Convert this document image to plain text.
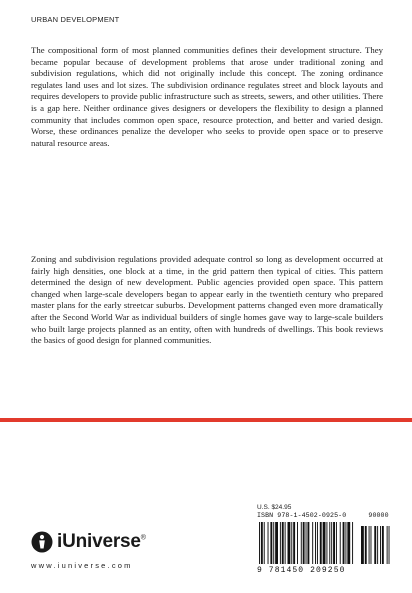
URBAN DEVELOPMENT

The compositional form of most planned communities defines their development structure. They became popular because of development problems that arose under traditional zoning and subdivision regulations, which did not originally include this concept. The zoning ordinance regulates land uses and lot sizes. The subdivision ordinance regulates street and block layouts and requires developers to provide public infrastructure such as streets, sewers, and other utilities. There is a gap here. Neither ordinance gives designers or developers the flexibility to design a planned community that includes common open space, resource protection, and better and varied design. Worse, these ordinances penalize the developer who seeks to provide open space or to preserve natural resource areas.

Zoning and subdivision regulations provided adequate control so long as development occurred at fairly high densities, one block at a time, in the grid pattern then typical of cities. This pattern determined the design of new development. Public agencies provided open space. This pattern changed when large-scale developers began to appear early in the twentieth century who prepared master plans for the early streetcar suburbs. Development patterns changed even more dramatically after the Second World War as individual builders of single homes gave way to large-scale builders who built large projects planned as an entity, often with hundreds of dwellings. This book reviews the basics of good design for planned communities.

U.S. $24.95
ISBN 978-1-4502-0925-0	90000
9 781450 209250
iUniverse®
www.iuniverse.com
